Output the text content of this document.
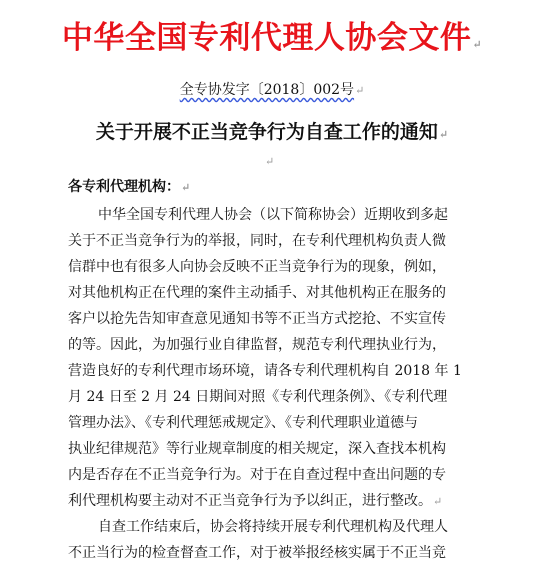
中华全国专利代理人协会文件↵
全专协发字〔2018〕002号↵
关于开展不正当竞争行为自查工作的通知↵
↵
各专利代理机构：↵
中华全国专利代理人协会（以下简称协会）近期收到多起
关于不正当竞争行为的举报，同时，在专利代理机构负责人微
信群中也有很多人向协会反映不正当竞争行为的现象，例如，
对其他机构正在代理的案件主动插手、对其他机构正在服务的
客户以抢先告知审查意见通知书等不正当方式挖抢、不实宣传
的等。因此，为加强行业自律监督，规范专利代理执业行为，
营造良好的专利代理市场环境，请各专利代理机构自 2018 年 1
月 24 日至 2 月 24 日期间对照《专利代理条例》、《专利代理
管理办法》、《专利代理惩戒规定》、《专利代理职业道德与
执业纪律规范》等行业规章制度的相关规定，深入查找本机构
内是否存在不正当竞争行为。对于在自查过程中查出问题的专
利代理机构要主动对不正当竞争行为予以纠正，进行整改。↵
自查工作结束后，协会将持续开展专利代理机构及代理人
不正当行为的检查督查工作，对于被举报经核实属于不正当竞
